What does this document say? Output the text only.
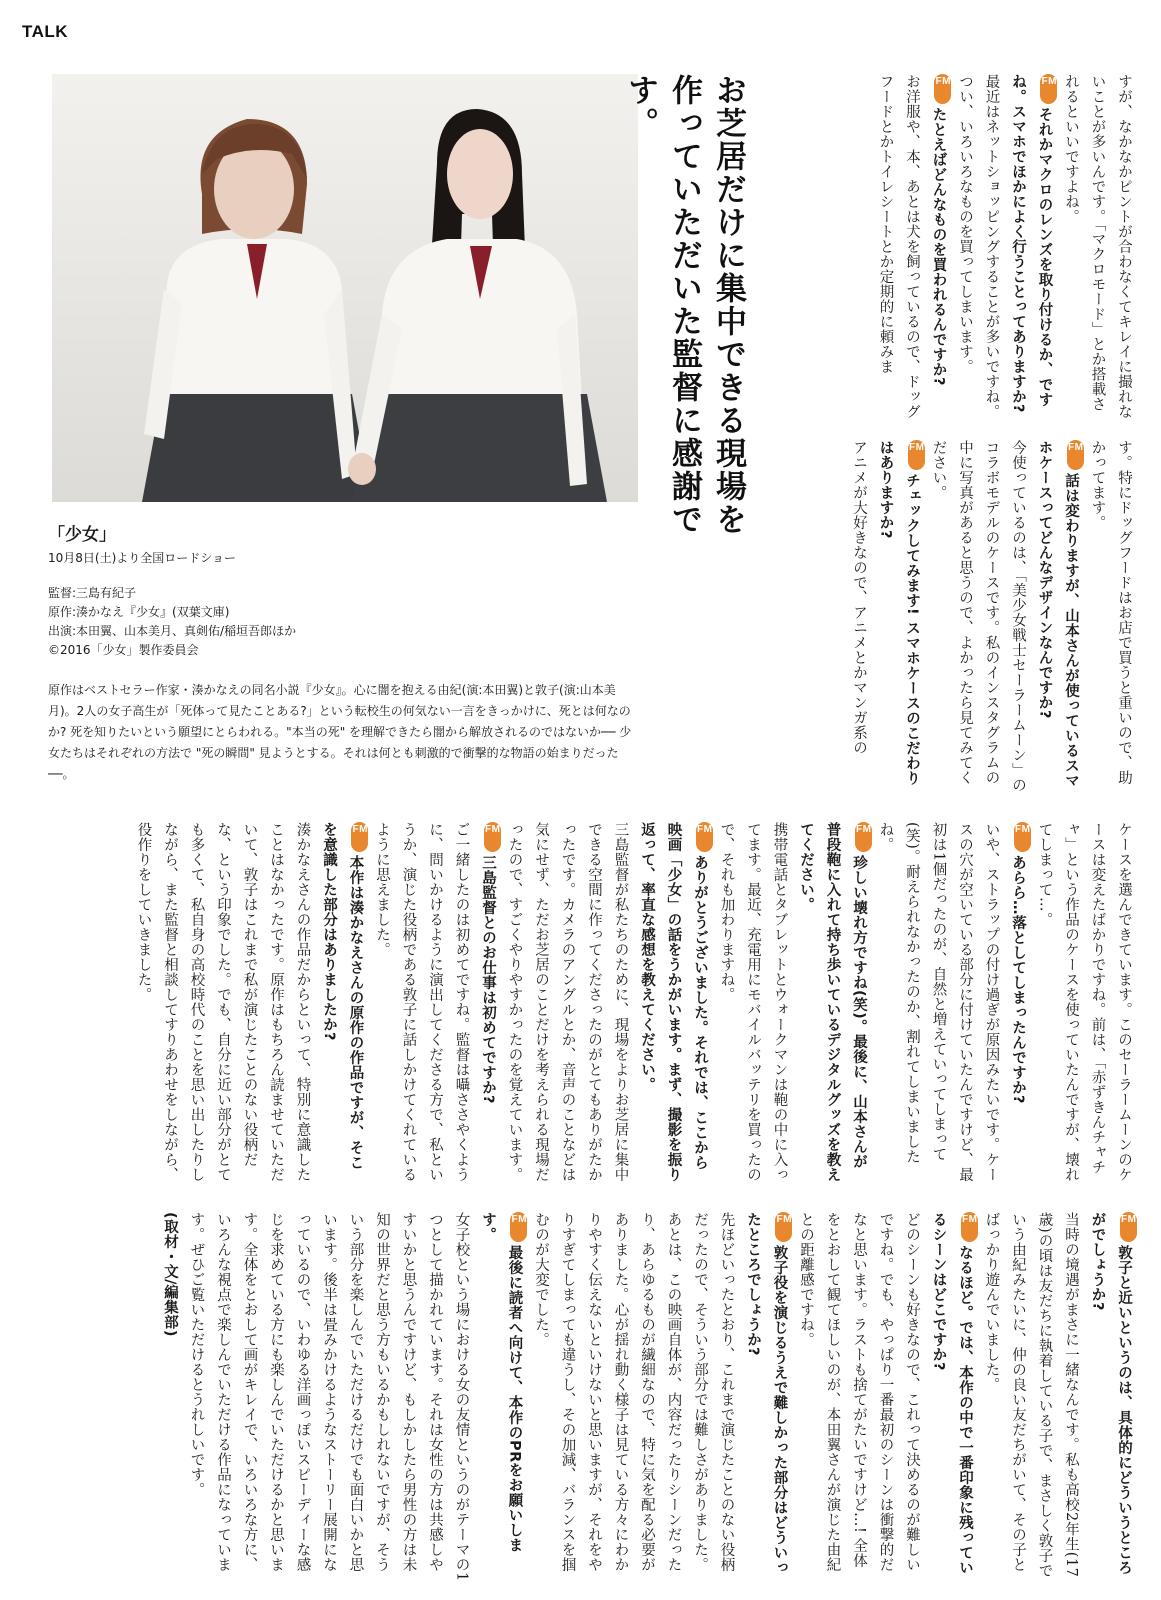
TALK
お芝居だけに集中できる現場を
作っていただいた監督に感謝です。	すが、なかなかピントが合わなくてキレイに撮れないことが多いんです。「マクロモード」とか搭載されるといいですよね。

M
F
それかマクロのレンズを取り付けるか、ですね。スマホでほかによく行うことってありますか?

最近はネットショッピングすることが多いですね。つい、いろいろなものを買ってしまいます。

M
F
たとえばどんなものを買われるんですか?

お洋服や、本、あとは犬を飼っているので、ドッグフードとかトイレシートとか定期的に頼みま

す。特にドッグフードはお店で買うと重いので、助かってます。

M
F
話は変わりますが、山本さんが使っているスマホケースってどんなデザインなんですか?

今使っているのは、「美少女戦士セーラームーン」のコラボモデルのケースです。私のインスタグラムの中に写真があると思うので、よかったら見てみてください。

M
F
チェックしてみます! スマホケースのこだわりはありますか?

アニメが大好きなので、アニメとかマンガ系の

ケースを選んできています。このセーラームーンのケースは変えたばかりですね。前は、「赤ずきんチャチャ」という作品のケースを使っていたんですが、壊れてしまって…。

M
F
あらら…落としてしまったんですか?

いや、ストラップの付け過ぎが原因みたいです。ケースの穴が空いている部分に付けていたんですけど、最初は1個だったのが、自然と増えていってしまって(笑)。耐えられなかったのか、割れてしまいましたね。

M
F
珍しい壊れ方ですね(笑)。最後に、山本さんが普段鞄に入れて持ち歩いているデジタルグッズを教えてください。

携帯電話とタブレットとウォークマンは鞄の中に入ってます。最近、充電用にモバイルバッテリを買ったので、それも加わりますね。

M
F
ありがとうございました。それでは、ここから映画「少女」の話をうかがいます。まず、撮影を振り返って、率直な感想を教えてください。

三島監督が私たちのために、現場をよりお芝居に集中できる空間に作ってくださったのがとてもありがたかったです。カメラのアングルとか、音声のことなどは気にせず、ただお芝居のことだけを考えられる現場だったので、すごくやりやすかったのを覚えています。

M
F
三島監督とのお仕事は初めてですか?

ご一緒したのは初めてですね。監督は囁ささやくように、問いかけるように演出してくださる方で、私というか、演じた役柄である敦子に話しかけてくれているように思えました。

M
F
本作は湊かなえさんの原作の作品ですが、そこを意識した部分はありましたか?

湊かなえさんの作品だからといって、特別に意識したことはなかったです。原作はもちろん読ませていただいて、敦子はこれまで私が演じたことのない役柄だな、という印象でした。でも、自分に近い部分がとても多くて、私自身の高校時代のことを思い出したりしながら、また監督と相談してすりあわせをしながら、役作りをしていきました。

M
F
敦子と近いというのは、具体的にどういうところがでしょうか?

当時の境遇がまさに一緒なんです。私も高校2年生(17歳)の頃は友だちに執着している子で、まさしく敦子でいう由紀みたいに、仲の良い友だちがいて、その子とばっかり遊んでいました。

M
F
なるほど。では、本作の中で一番印象に残っているシーンはどこですか?

どのシーンも好きなので、これって決めるのが難しいですね。でも、やっぱり一番最初のシーンは衝撃的だなと思います。ラストも捨てがたいですけど…! 全体をとおして観てほしいのが、本田翼さんが演じた由紀との距離感ですね。

M
F
敦子役を演じるうえで難しかった部分はどういったところでしょうか?

先ほどいったとおり、これまで演じたことのない役柄だったので、そういう部分では難しさがありました。あとは、この映画自体が、内容だったりシーンだったり、あらゆるものが繊細なので、特に気を配る必要がありました。心が揺れ動く様子は見ている方々にわかりやすく伝えないといけないと思いますが、それをやりすぎてしまっても違うし、その加減、バランスを掴むのが大変でした。

M
F
最後に読者へ向けて、本作のPRをお願いします。

女子校という場における女の友情というのがテーマの1つとして描かれています。それは女性の方は共感しやすいかと思うんですけど、もしかしたら男性の方は未知の世界だと思う方もいるかもしれないですが、そういう部分を楽しんでいただけるだけでも面白いかと思います。後半は畳みかけるようなストーリー展開になっているので、いわゆる洋画っぽいスピーディーな感じを求めている方にも楽しんでいただけるかと思います。全体をとおして画がキレイで、いろいろな方に、いろんな視点で楽しんでいただける作品になっています。ぜひご覧いただけるとうれしいです。

(取材・文/編集部)

「少女」

10月8日(土)より全国ロードショー

監督:三島有紀子
原作:湊かなえ『少女』(双葉文庫)
出演:本田翼、山本美月、真剣佑/稲垣吾郎ほか
©2016「少女」製作委員会
原作はベストセラー作家・湊かなえの同名小説『少女』。心に闇を抱える由紀(演:本田翼)と敦子(演:山本美月)。2人の女子高生が「死体って見たことある?」という転校生の何気ない一言をきっかけに、死とは何なのか? 死を知りたいという願望にとらわれる。"本当の死" を理解できたら闇から解放されるのではないか── 少女たちはそれぞれの方法で "死の瞬間" 見ようとする。それは何とも刺激的で衝撃的な物語の始まりだった──。
